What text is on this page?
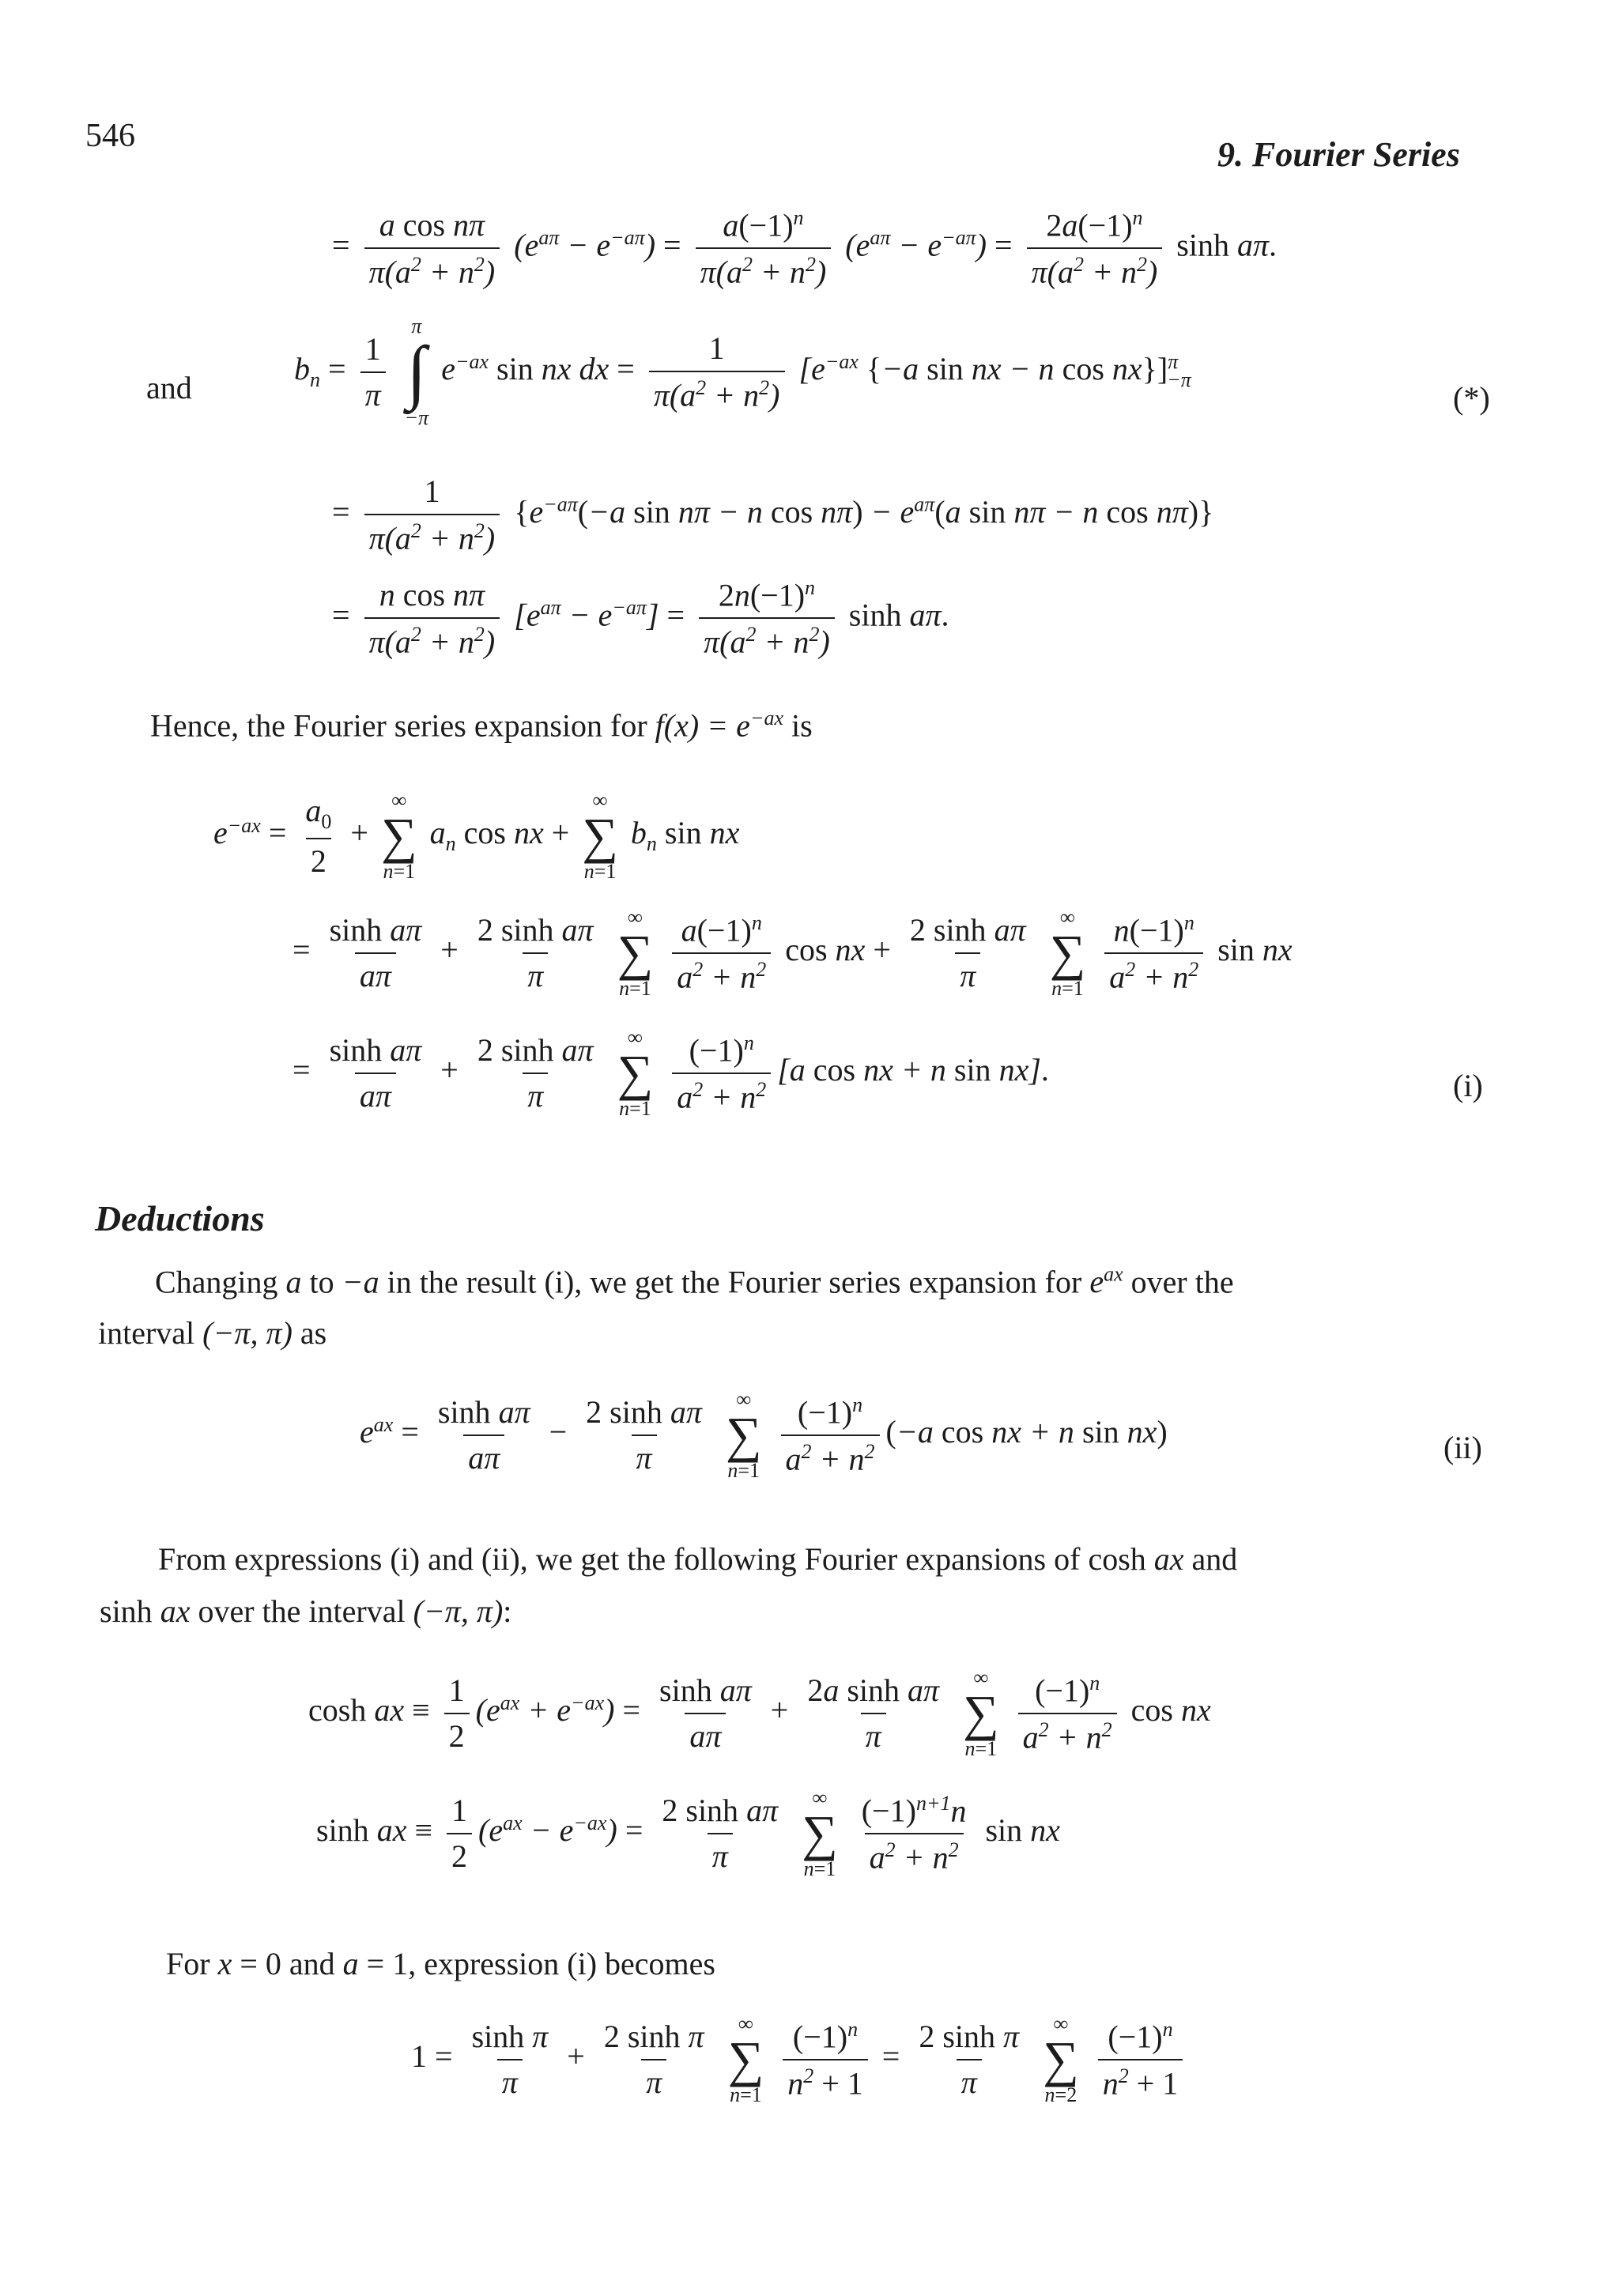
546	9. Fourier Series
= $\frac{\text{a cos nπ}}{\pi(a^2 + n^2)} (e^{a\pi} - e^{-a\pi}) = \frac{a(-1)^n}{\pi(a^2 + n^2)} (e^{a\pi} - e^{-a\pi}) = \frac{2a(-1)^n}{\pi(a^2 + n^2)}$ sinh aπ.
and
$b_n = \frac{1}{\pi}$

π
∫
−π
$e^{-ax}$ sin nx dx = $\frac{1}{\pi(a^2 + n^2)} [e^{-ax}$ {−a sin nx − n cos nx}]$^\pi_{-\pi}$
(*)
= $\frac{1}{\pi(a^2 + n^2)} \{e^{-a\pi}(-a$ sin nπ − n $\cos n\pi) - e^{a\pi}(a$ sin nπ − n cos nπ)}
= $\frac{\text{n cos nπ}}{\pi(a^2 + n^2)} [e^{a\pi} - e^{-a\pi}] = \frac{2n(-1)^n}{\pi(a^2 + n^2)}$ sinh aπ.
Hence, the Fourier series expansion for $f(x) = e^{-ax}$ is
$e^{-ax} = \frac{a_0}{2}$ +
∞
∑
n=1
$a_n$ cos nx +
∞
∑
n=1
$b_n$ sin nx
= $\frac{\text{sinh aπ}}{a\pi} + \frac{\text{2 sinh aπ}}{\pi}$
∞
∑
n=1
$\frac{a(-1)^n}{a^2 + n^2}$ cos nx + $\frac{\text{2 sinh aπ}}{\pi}$
∞
∑
n=1
$\frac{n(-1)^n}{a^2 + n^2}$ sin nx
= $\frac{\text{sinh aπ}}{a\pi} + \frac{\text{2 sinh aπ}}{\pi}$
∞
∑
n=1
$\frac{(-1)^n}{a^2 + n^2} [a$ cos nx + n sin nx].	(i)
Deductions
Changing a to −a in the result (i), we get the Fourier series expansion for $e^{ax}$ over the
interval (−π, π) as
$e^{ax} = \frac{\text{sinh aπ}}{a\pi} - \frac{\text{2 sinh aπ}}{\pi}$
∞
∑
n=1
$\frac{(-1)^n}{a^2 + n^2} (-a$ cos nx + n sin nx)	(ii)
From expressions (i) and (ii), we get the following Fourier expansions of cosh ax and
sinh ax over the interval (−π, π):
cosh ax ≡ $\frac{1}{2} (e^{ax} + e^{-ax}) = \frac{\text{sinh aπ}}{a\pi} + \frac{\text{2a sinh aπ}}{\pi}$
∞
∑
n=1
$\frac{(-1)^n}{a^2 + n^2}$ cos nx
sinh ax ≡ $\frac{1}{2} (e^{ax} - e^{-ax}) = \frac{\text{2 sinh aπ}}{\pi}$
∞
∑
n=1
$\frac{(-1)^{n+1}n}{a^2 + n^2}$ sin nx
For x = 0 and a = 1, expression (i) becomes
$1 = \frac{\text{sinh π}}{\pi} + \frac{\text{2 sinh π}}{\pi}$
∞
∑
n=1
$\frac{(-1)^n}{n^2 + 1} = \frac{\text{2 sinh π}}{\pi}$
∞
∑
n=2
$\frac{(-1)^n}{n^2 + 1}$
